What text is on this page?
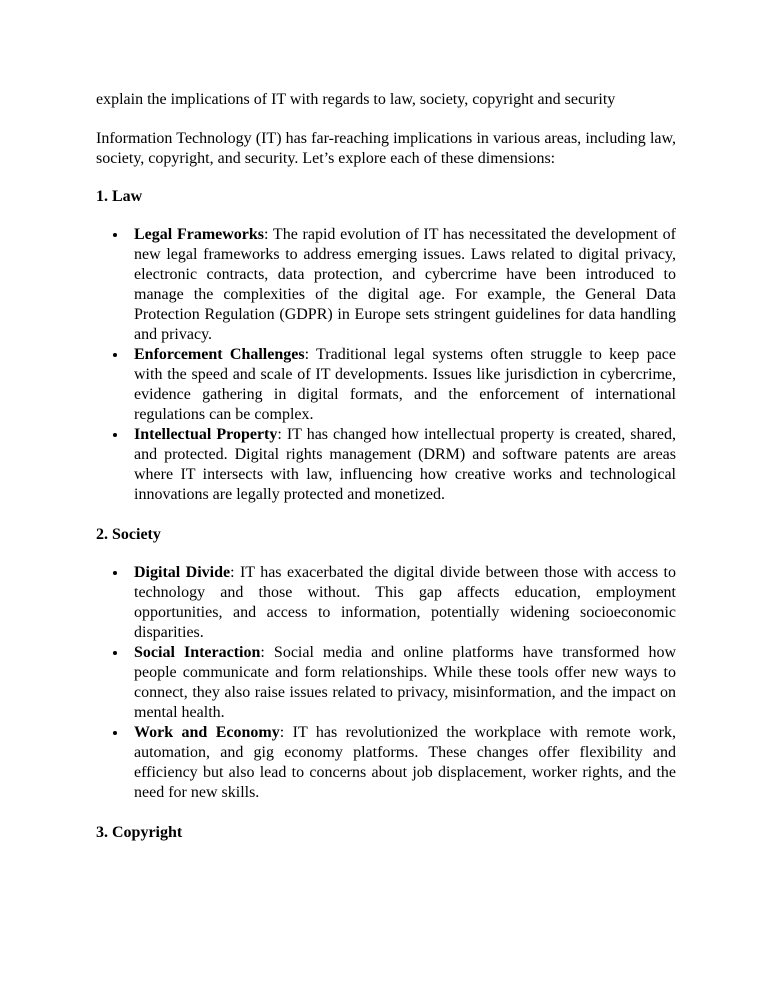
explain the implications of IT with regards to law, society, copyright and security

Information Technology (IT) has far-reaching implications in various areas, including law, society, copyright, and security. Let’s explore each of these dimensions:

1. Law
Legal Frameworks: The rapid evolution of IT has necessitated the development of new legal frameworks to address emerging issues. Laws related to digital privacy, electronic contracts, data protection, and cybercrime have been introduced to manage the complexities of the digital age. For example, the General Data Protection Regulation (GDPR) in Europe sets stringent guidelines for data handling and privacy.
Enforcement Challenges: Traditional legal systems often struggle to keep pace with the speed and scale of IT developments. Issues like jurisdiction in cybercrime, evidence gathering in digital formats, and the enforcement of international regulations can be complex.
Intellectual Property: IT has changed how intellectual property is created, shared, and protected. Digital rights management (DRM) and software patents are areas where IT intersects with law, influencing how creative works and technological innovations are legally protected and monetized.
2. Society
Digital Divide: IT has exacerbated the digital divide between those with access to technology and those without. This gap affects education, employment opportunities, and access to information, potentially widening socioeconomic disparities.
Social Interaction: Social media and online platforms have transformed how people communicate and form relationships. While these tools offer new ways to connect, they also raise issues related to privacy, misinformation, and the impact on mental health.
Work and Economy: IT has revolutionized the workplace with remote work, automation, and gig economy platforms. These changes offer flexibility and efficiency but also lead to concerns about job displacement, worker rights, and the need for new skills.
3. Copyright
